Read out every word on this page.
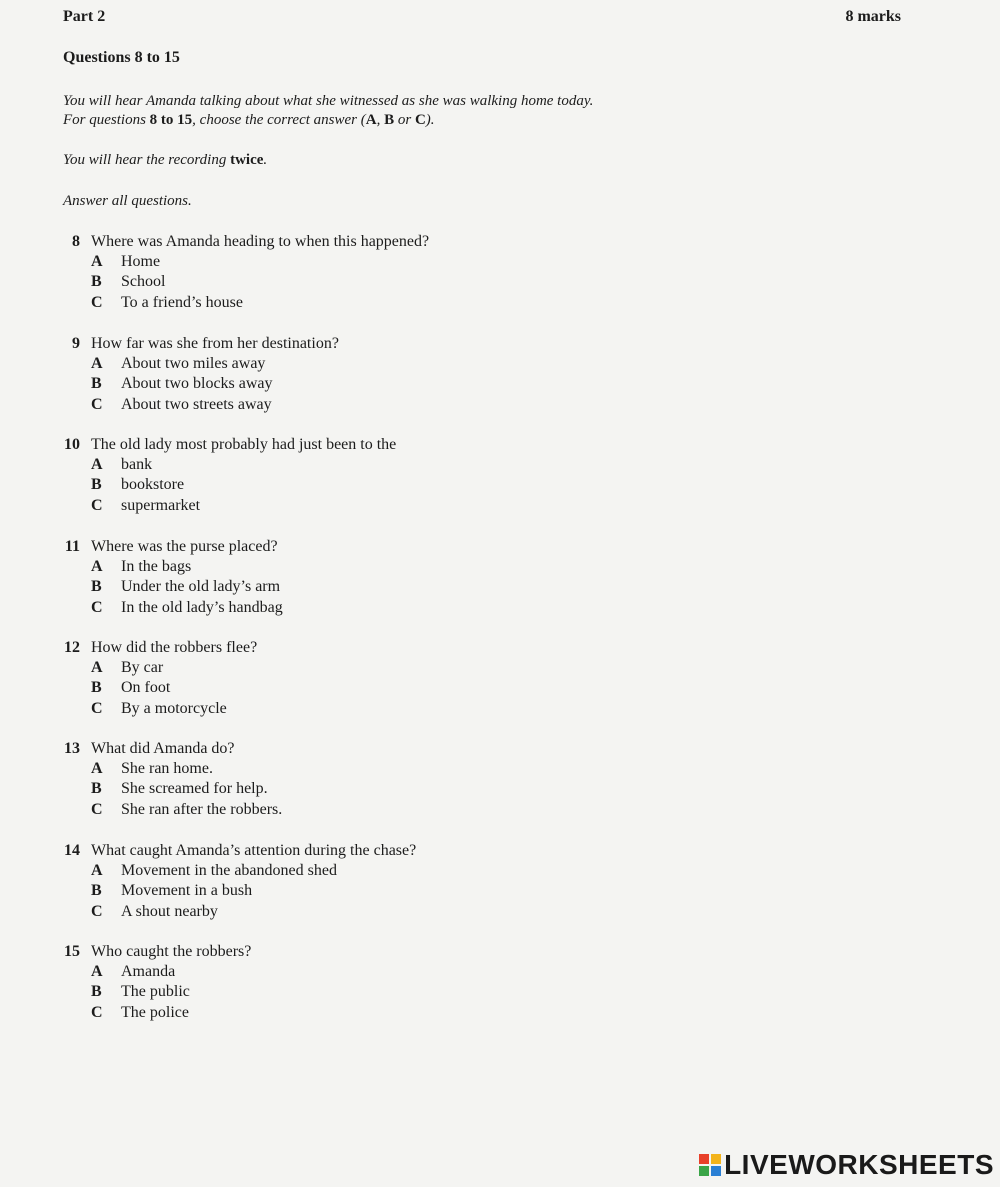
Part 2	8 marks
Questions 8 to 15
You will hear Amanda talking about what she witnessed as she was walking home today.
For questions 8 to 15, choose the correct answer (A, B or C).
You will hear the recording twice.
Answer all questions.
8 Where was Amanda heading to when this happened?
A	Home
B	School
C	To a friend’s house
9 How far was she from her destination?
A	About two miles away
B	About two blocks away
C	About two streets away
10 The old lady most probably had just been to the
A	bank
B	bookstore
C	supermarket
11 Where was the purse placed?
A	In the bags
B	Under the old lady’s arm
C	In the old lady’s handbag
12 How did the robbers flee?
A	By car
B	On foot
C	By a motorcycle
13 What did Amanda do?
A	She ran home.
B	She screamed for help.
C	She ran after the robbers.
14 What caught Amanda’s attention during the chase?
A	Movement in the abandoned shed
B	Movement in a bush
C	A shout nearby
15 Who caught the robbers?
A	Amanda
B	The public
C	The police
LIVEWORKSHEETS
